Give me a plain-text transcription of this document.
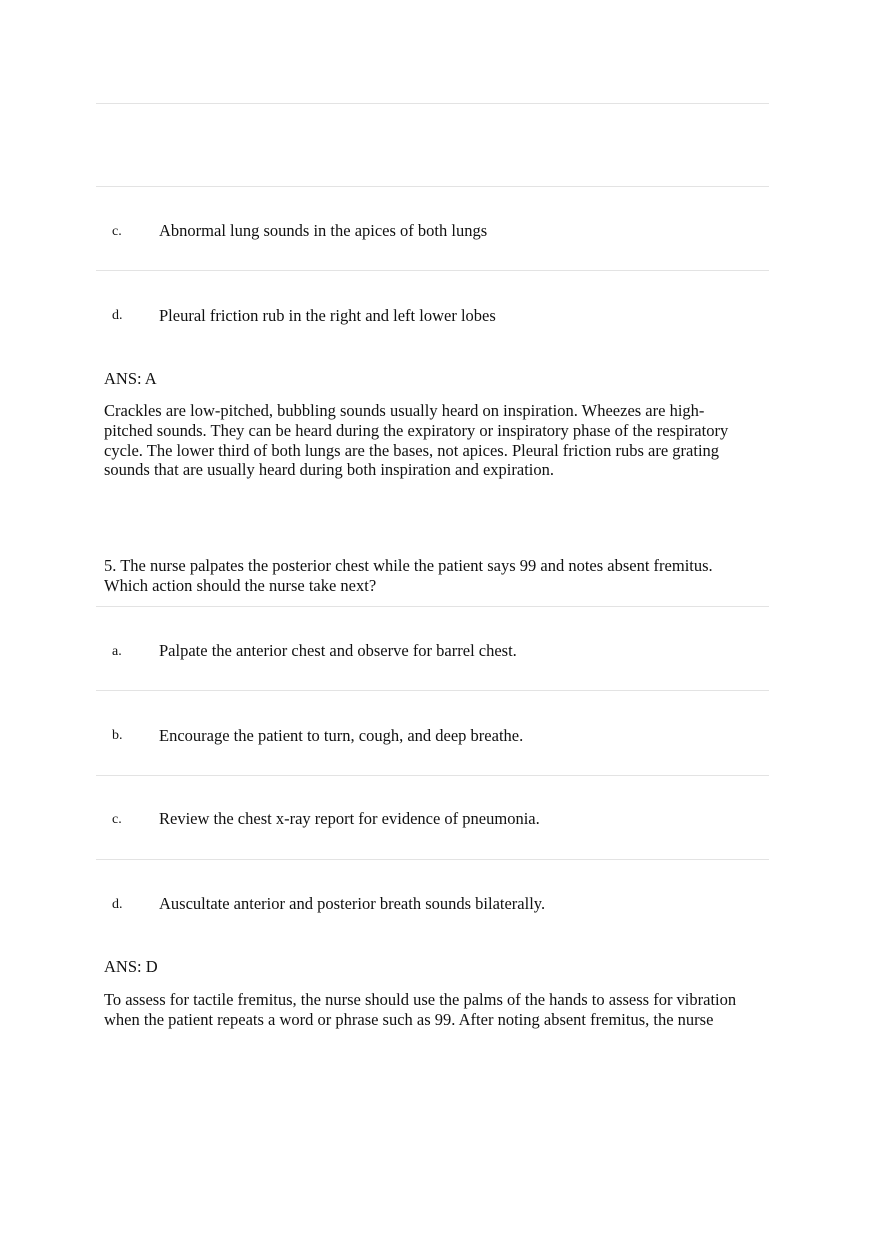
c. Abnormal lung sounds in the apices of both lungs
d. Pleural friction rub in the right and left lower lobes
ANS: A
Crackles are low-pitched, bubbling sounds usually heard on inspiration. Wheezes are high-
pitched sounds. They can be heard during the expiratory or inspiratory phase of the respiratory
cycle. The lower third of both lungs are the bases, not apices. Pleural friction rubs are grating
sounds that are usually heard during both inspiration and expiration.
5. The nurse palpates the posterior chest while the patient says 99 and notes absent fremitus.
Which action should the nurse take next?
a. Palpate the anterior chest and observe for barrel chest.
b. Encourage the patient to turn, cough, and deep breathe.
c. Review the chest x-ray report for evidence of pneumonia.
d. Auscultate anterior and posterior breath sounds bilaterally.
ANS: D
To assess for tactile fremitus, the nurse should use the palms of the hands to assess for vibration
when the patient repeats a word or phrase such as 99. After noting absent fremitus, the nurse
